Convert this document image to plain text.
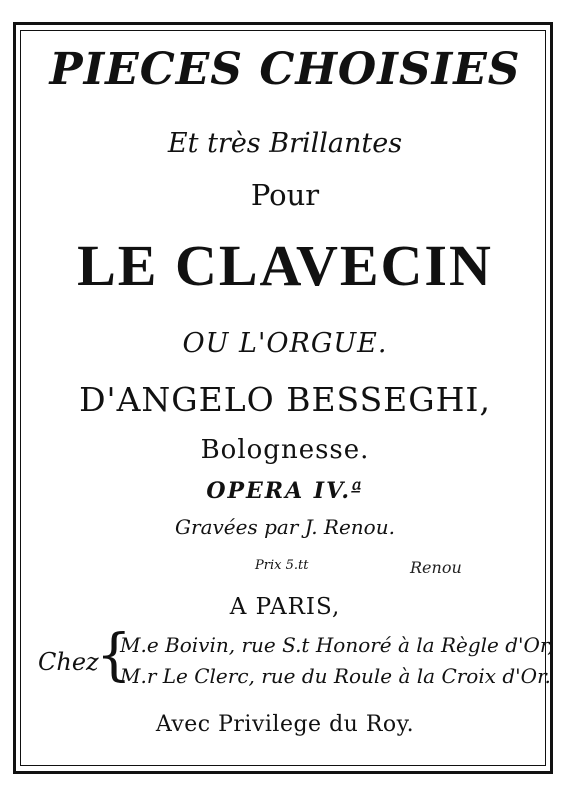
PIECES CHOISIES
Et très Brillantes
Pour
LE CLAVECIN
OU L'ORGUE.
D'ANGELO BESSEGHI,
Bolognesse.
OPERA IV.ª
Gravées par J. Renou.
Prix 5.tt	Renou
A PARIS,
Chez
{
M.e Boivin, rue S.t Honoré à la Règle d'Or,
M.r Le Clerc, rue du Roule à la Croix d'Or.
Avec Privilege du Roy.
